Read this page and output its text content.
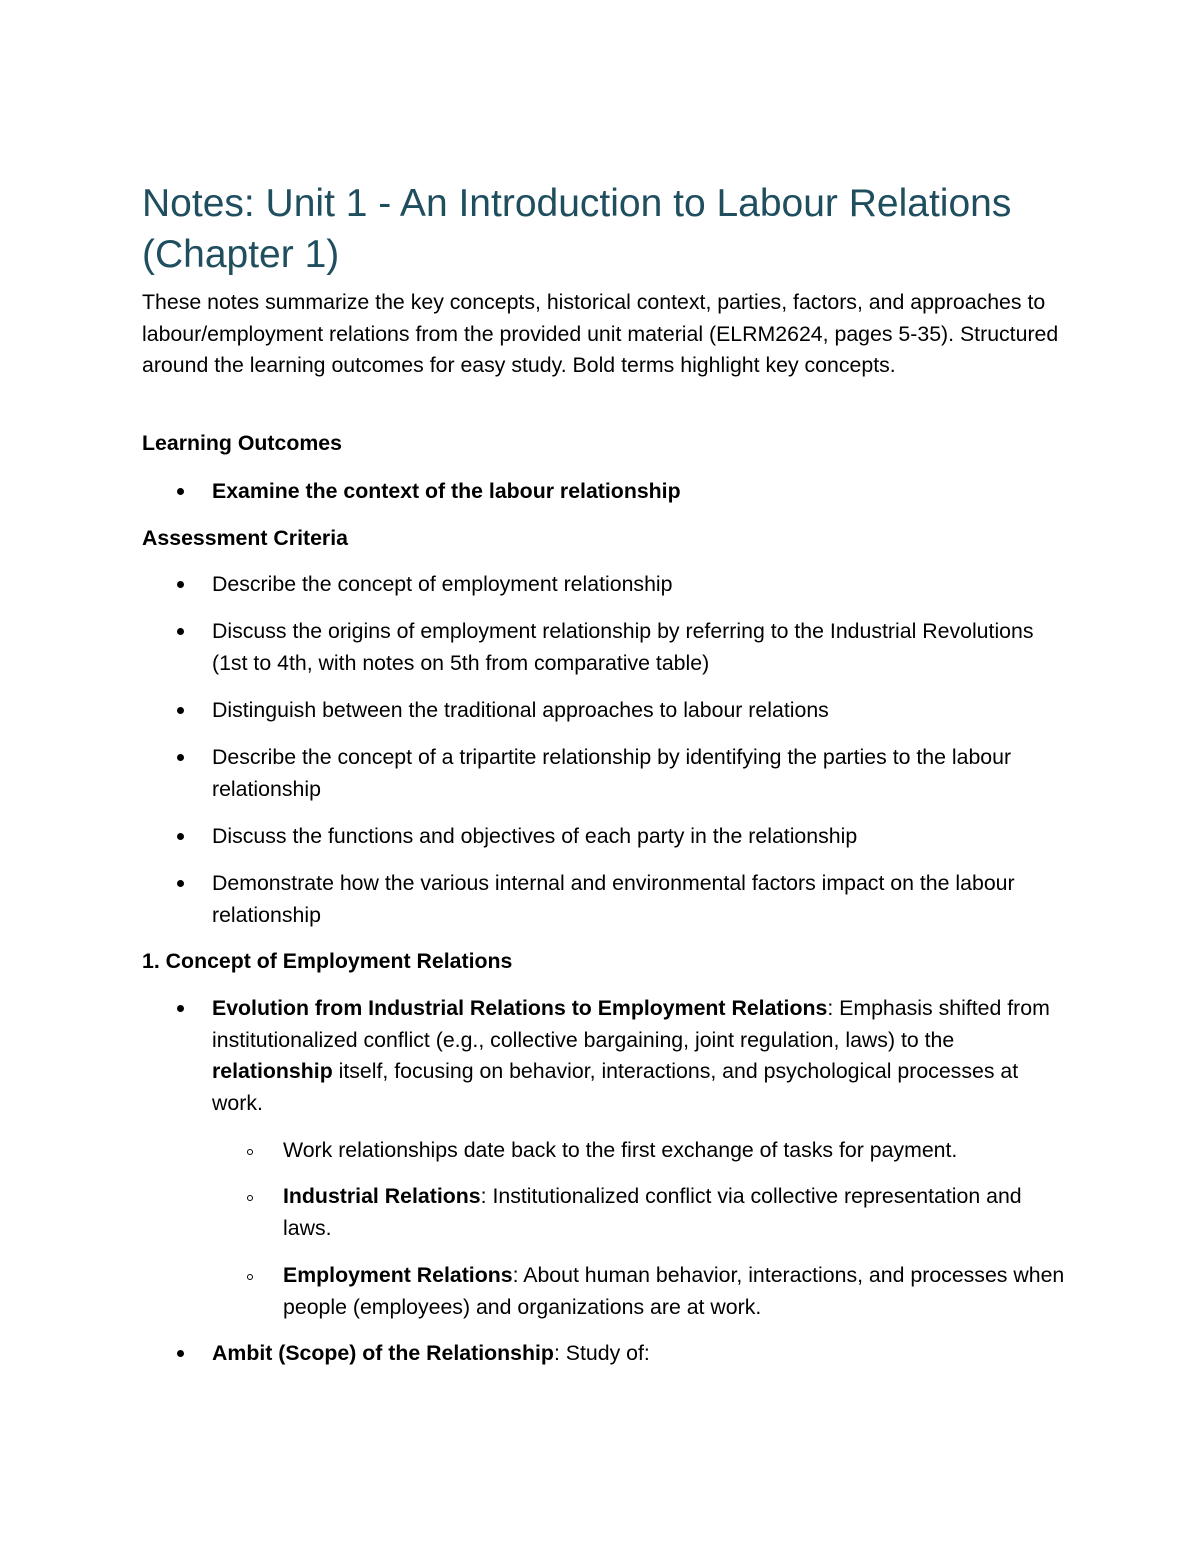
Notes: Unit 1 - An Introduction to Labour Relations (Chapter 1)

These notes summarize the key concepts, historical context, parties, factors, and approaches to labour/employment relations from the provided unit material (ELRM2624, pages 5-35). Structured around the learning outcomes for easy study. Bold terms highlight key concepts.

Learning Outcomes

Examine the context of the labour relationship

Assessment Criteria

Describe the concept of employment relationship
Discuss the origins of employment relationship by referring to the Industrial Revolutions (1st to 4th, with notes on 5th from comparative table)
Distinguish between the traditional approaches to labour relations
Describe the concept of a tripartite relationship by identifying the parties to the labour relationship
Discuss the functions and objectives of each party in the relationship
Demonstrate how the various internal and environmental factors impact on the labour relationship

1. Concept of Employment Relations

Evolution from Industrial Relations to Employment Relations: Emphasis shifted from institutionalized conflict (e.g., collective bargaining, joint regulation, laws) to the relationship itself, focusing on behavior, interactions, and psychological processes at work.
Work relationships date back to the first exchange of tasks for payment.
Industrial Relations: Institutionalized conflict via collective representation and laws.
Employment Relations: About human behavior, interactions, and processes when people (employees) and organizations are at work.
Ambit (Scope) of the Relationship: Study of:
